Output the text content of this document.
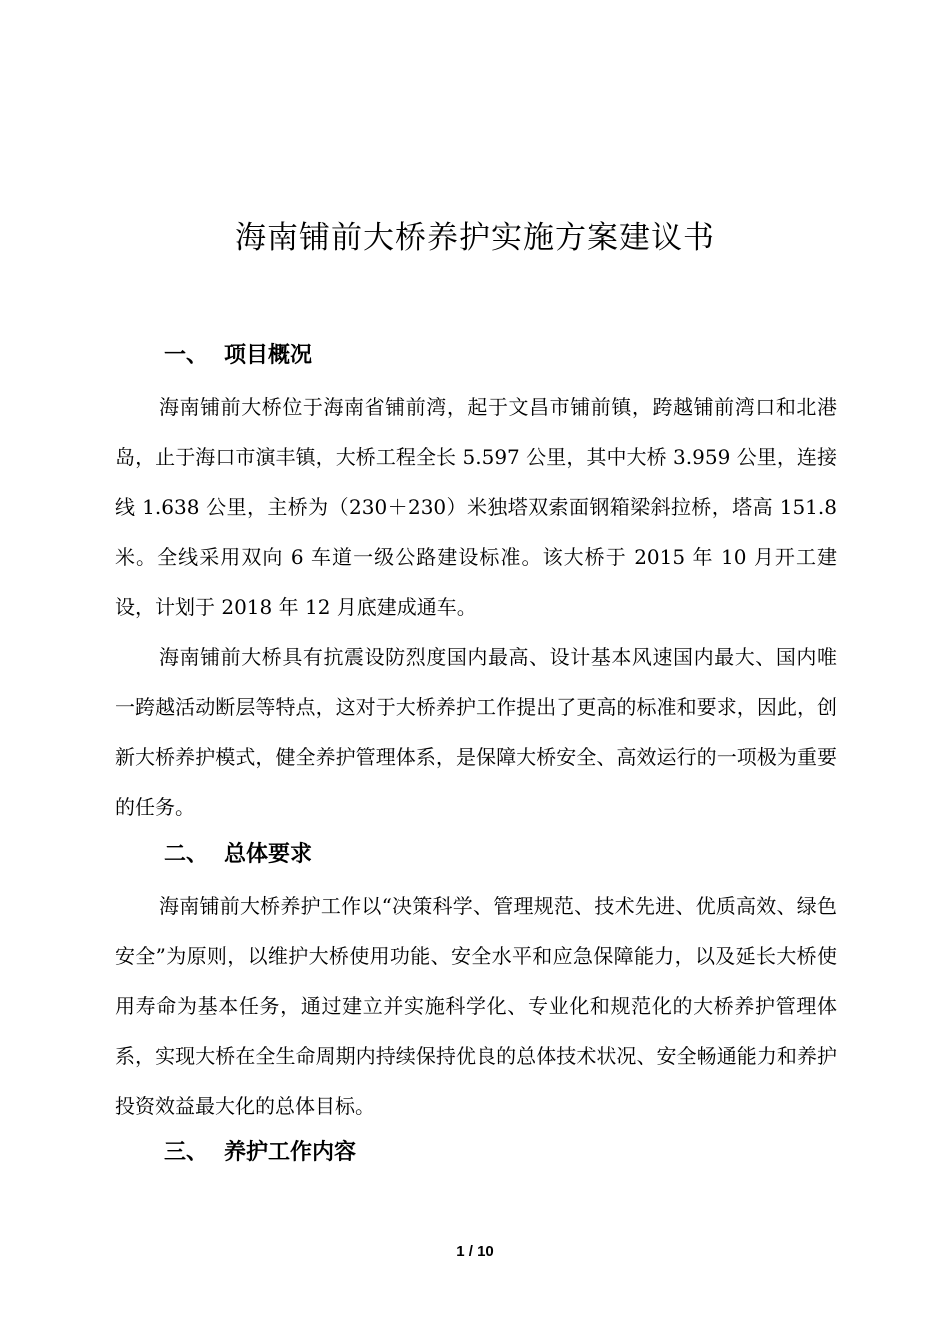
海南铺前大桥养护实施方案建议书
一、 项目概况

海南铺前大桥位于海南省铺前湾，起于文昌市铺前镇，跨越铺前湾口和北港岛，止于海口市演丰镇，大桥工程全长 5.597 公里，其中大桥 3.959 公里，连接线 1.638 公里，主桥为（230＋230）米独塔双索面钢箱梁斜拉桥，塔高 151.8 米。全线采用双向 6 车道一级公路建设标准。该大桥于 2015 年 10 月开工建设，计划于 2018 年 12 月底建成通车。

海南铺前大桥具有抗震设防烈度国内最高、设计基本风速国内最大、国内唯一跨越活动断层等特点，这对于大桥养护工作提出了更高的标准和要求，因此，创新大桥养护模式，健全养护管理体系，是保障大桥安全、高效运行的一项极为重要的任务。

二、 总体要求

海南铺前大桥养护工作以“决策科学、管理规范、技术先进、优质高效、绿色安全”为原则，以维护大桥使用功能、安全水平和应急保障能力，以及延长大桥使用寿命为基本任务，通过建立并实施科学化、专业化和规范化的大桥养护管理体系，实现大桥在全生命周期内持续保持优良的总体技术状况、安全畅通能力和养护投资效益最大化的总体目标。

三、 养护工作内容
1 / 10
